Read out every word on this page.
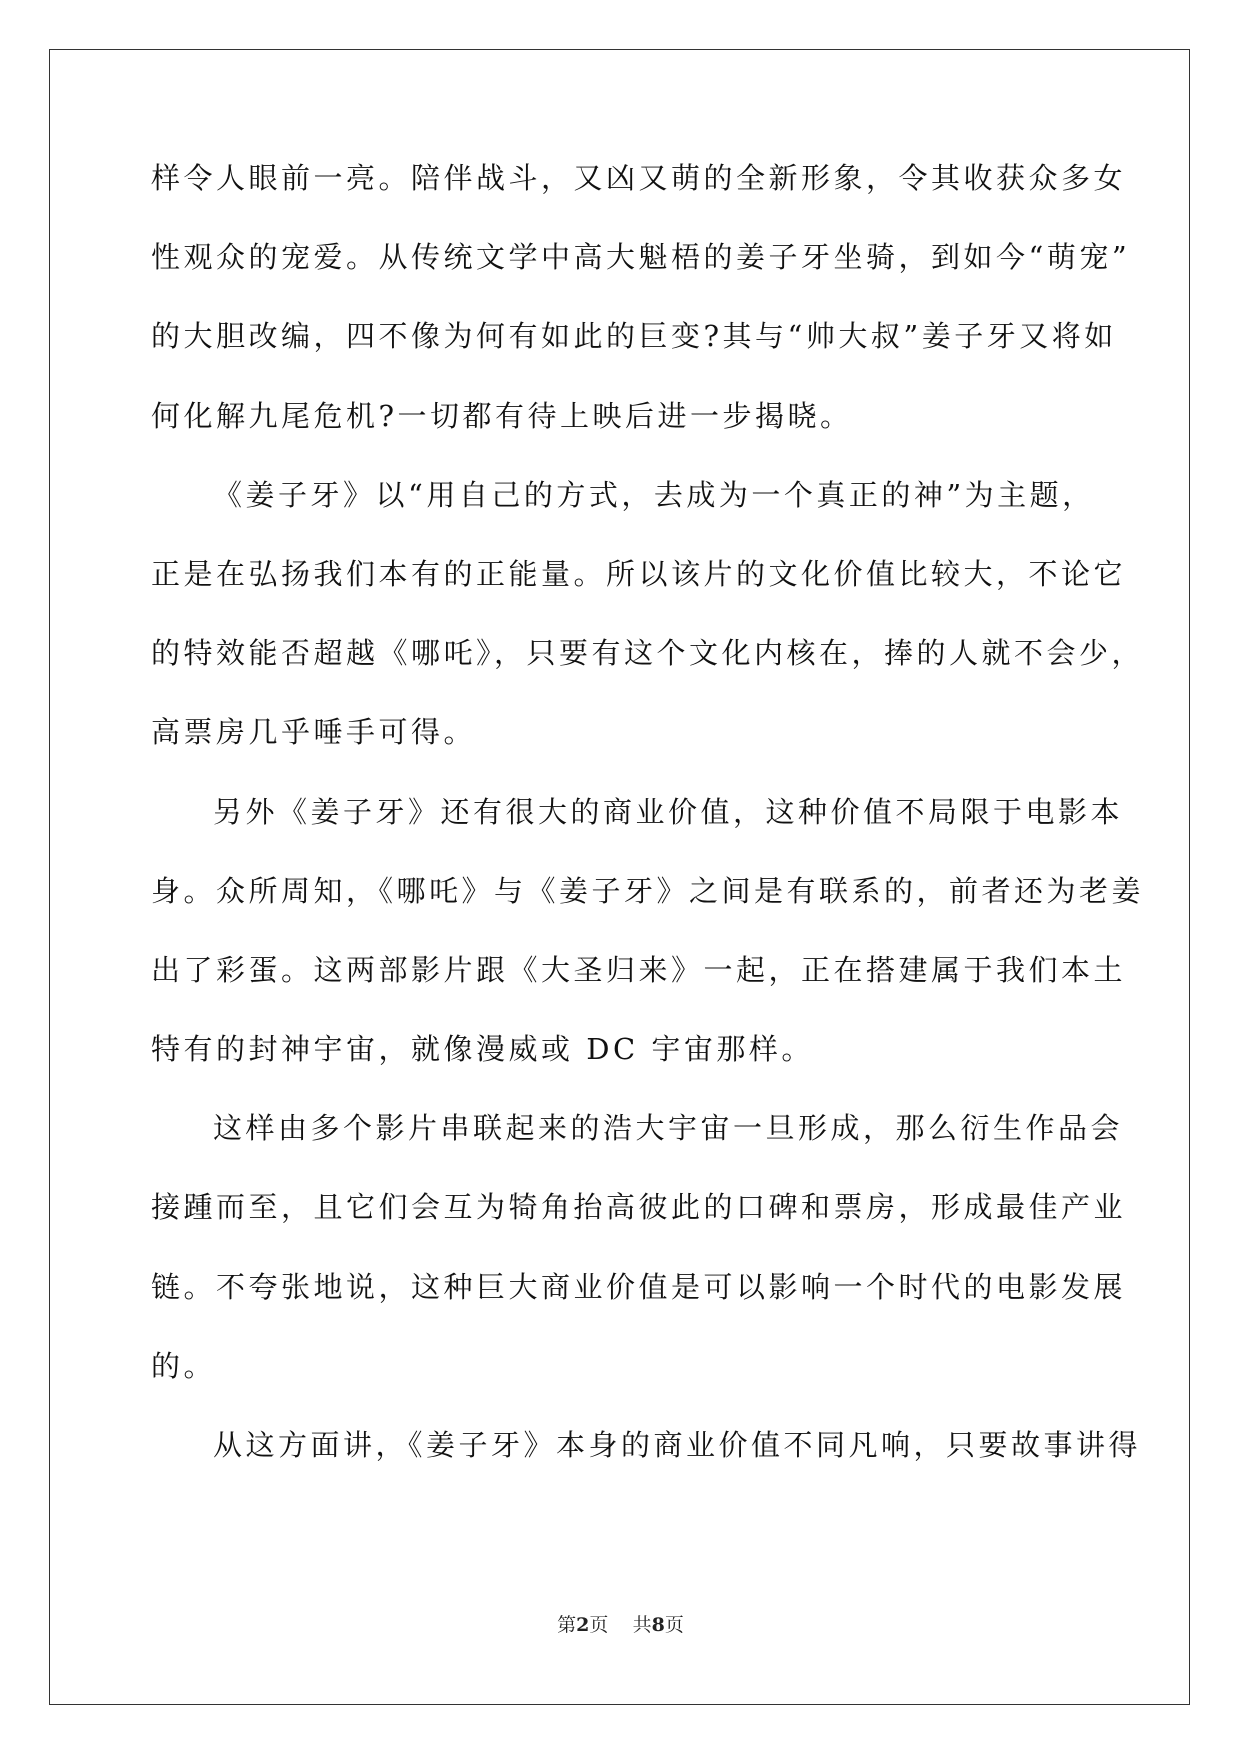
样令人眼前一亮。陪伴战斗，又凶又萌的全新形象，令其收获众多女
性观众的宠爱。从传统文学中高大魁梧的姜子牙坐骑，到如今“萌宠”
的大胆改编，四不像为何有如此的巨变?其与“帅大叔”姜子牙又将如
何化解九尾危机?一切都有待上映后进一步揭晓。
《姜子牙》以“用自己的方式，去成为一个真正的神”为主题，
正是在弘扬我们本有的正能量。所以该片的文化价值比较大，不论它
的特效能否超越《哪吒》，只要有这个文化内核在，捧的人就不会少，
高票房几乎唾手可得。
另外《姜子牙》还有很大的商业价值，这种价值不局限于电影本
身。众所周知，《哪吒》与《姜子牙》之间是有联系的，前者还为老姜
出了彩蛋。这两部影片跟《大圣归来》一起，正在搭建属于我们本土
特有的封神宇宙，就像漫威或 DC 宇宙那样。
这样由多个影片串联起来的浩大宇宙一旦形成，那么衍生作品会
接踵而至，且它们会互为犄角抬高彼此的口碑和票房，形成最佳产业
链。不夸张地说，这种巨大商业价值是可以影响一个时代的电影发展
的。
从这方面讲，《姜子牙》本身的商业价值不同凡响，只要故事讲得
第2页 共8页
